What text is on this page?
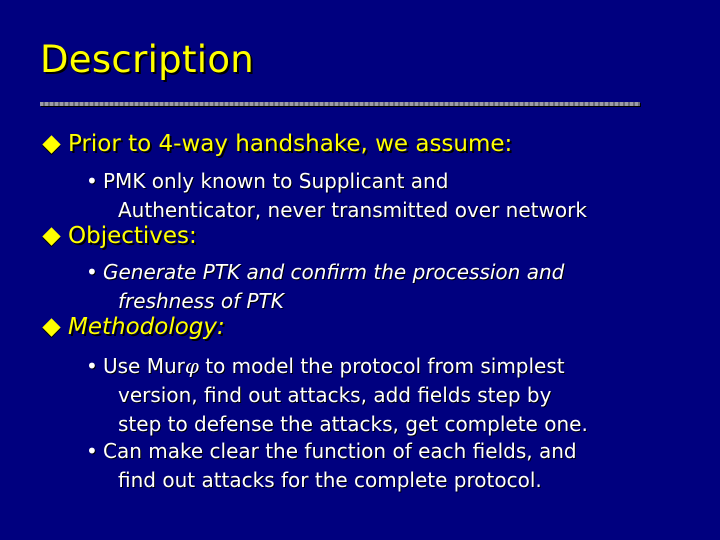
Description
Prior to 4-way handshake, we assume:
• PMK only known to Supplicant and
Authenticator, never transmitted over network
Objectives:
• Generate PTK and confirm the procession and
freshness of PTK
Methodology:
• Use Murφ to model the protocol from simplest
version, find out attacks, add fields step by
step to defense the attacks, get complete one.
• Can make clear the function of each fields, and
find out attacks for the complete protocol.
